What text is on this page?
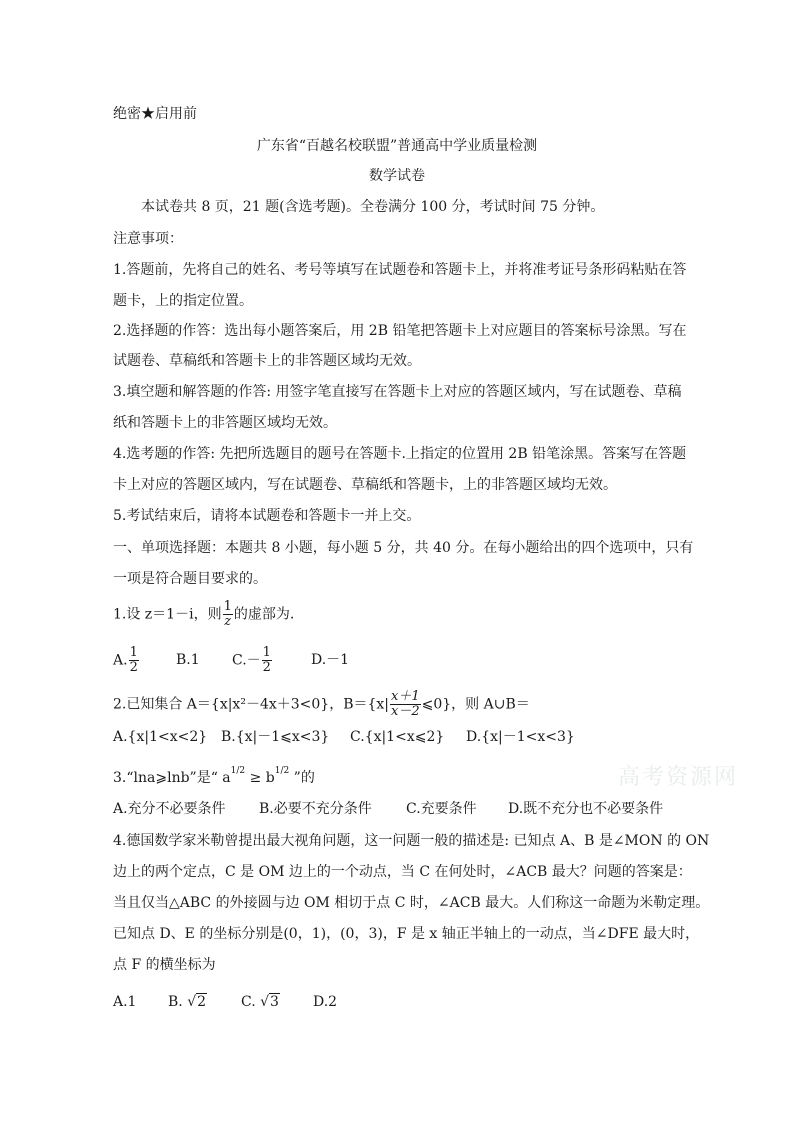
绝密★启用前
广东省“百越名校联盟”普通高中学业质量检测
数学试卷
本试卷共 8 页，21 题(含选考题)。全卷满分 100 分，考试时间 75 分钟。
注意事项：
1.答题前，先将自己的姓名、考号等填写在试题卷和答题卡上，并将准考证号条形码粘贴在答
题卡，上的指定位置。
2.选择题的作答：选出每小题答案后，用 2B 铅笔把答题卡上对应题目的答案标号涂黑。写在
试题卷、草稿纸和答题卡上的非答题区域均无效。
3.填空题和解答题的作答: 用签字笔直接写在答题卡上对应的答题区域内，写在试题卷、草稿
纸和答题卡上的非答题区域均无效。
4.选考题的作答: 先把所选题目的题号在答题卡.上指定的位置用 2B 铅笔涂黑。答案写在答题
卡上对应的答题区域内，写在试题卷、草稿纸和答题卡，上的非答题区域均无效。
5.考试结束后，请将本试题卷和答题卡一并上交。
一、单项选择题：本题共 8 小题，每小题 5 分，共 40 分。在每小题给出的四个选项中，只有
一项是符合题目要求的。
1.设 z＝1－i，则 $\frac{1}{z}$ 的虚部为.
A. $\frac{1}{2}$	B.1 $C.- \frac{1}{2}$	D.－1
2.已知集合 A＝{x|x²－4x＋3<0}，$B=\{x| \frac{x+1}{x-2}$ ⩽0}，则 A∪B＝
A.{x|1<x<2} B.{x|－1⩽x<3} C.{x|1<x⩽2} D.{x|－1<x<3}
3.“lna⩾lnb”是“ $a^{1/2} \ge b^{1/2}$ ”的
A.充分不必要条件 B.必要不充分条件 C.充要条件 D.既不充分也不必要条件
4.德国数学家米勒曾提出最大视角问题，这一问题一般的描述是: 已知点 A、B 是∠MON 的 ON
边上的两个定点，C 是 OM 边上的一个动点，当 C 在何处时，∠ACB 最大？问题的答案是：
当且仅当△ABC 的外接圆与边 OM 相切于点 C 时，∠ACB 最大。人们称这一命题为米勒定理。
已知点 D、E 的坐标分别是(0，1)，(0，3)，F 是 x 轴正半轴上的一动点，当∠DFE 最大时，
点 F 的横坐标为
A.1 B. √2 C. √3 D.2
高考资源网
